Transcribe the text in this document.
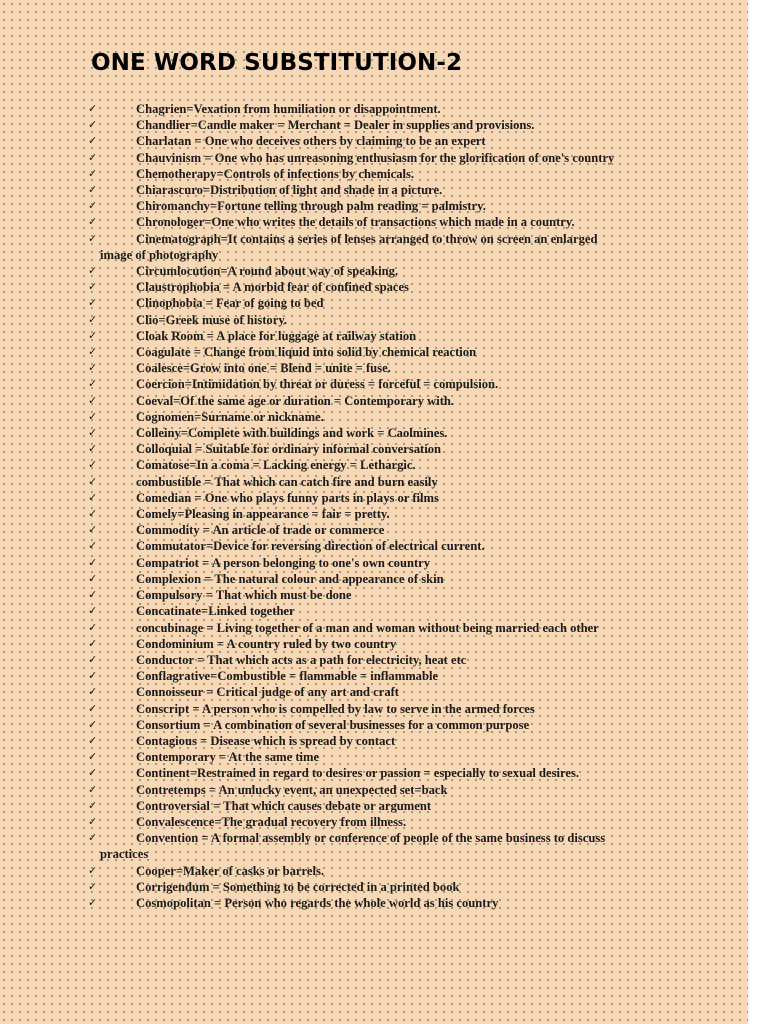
ONE WORD SUBSTITUTION-2
✓	Chagrien=Vexation from humiliation or disappointment.
✓	Chandlier=Candle maker = Merchant = Dealer in supplies and provisions.
✓	Charlatan = One who deceives others by claiming to be an expert
✓	Chauvinism = One who has unreasoning enthusiasm for the glorification of one's country
✓	Chemotherapy=Controls of infections by chemicals.
✓	Chiarascuro=Distribution of light and shade in a picture.
✓	Chiromanchy=Fortune telling through palm reading = palmistry.
✓	Chronologer=One who writes the details of transactions which made in a country.
✓	Cinematograph=It contains a series of lenses arranged to throw on screen an enlarged
image of photography
✓	Circumlocution=A round about way of speaking.
✓	Claustrophobia = A morbid fear of confined spaces
✓	Clinophobia = Fear of going to bed
✓	Clio=Greek muse of history.
✓	Cloak Room = A place for luggage at railway station
✓	Coagulate = Change from liquid into solid by chemical reaction
✓	Coalesce=Grow into one = Blend = unite = fuse.
✓	Coercion=Intimidation by threat or duress = forceful = compulsion.
✓	Coeval=Of the same age or duration = Contemporary with.
✓	Cognomen=Surname or nickname.
✓	Colleiny=Complete with buildings and work = Caolmines.
✓	Colloquial = Suitable for ordinary informal conversation
✓	Comatose=In a coma = Lacking energy = Lethargic.
✓	combustible = That which can catch fire and burn easily
✓	Comedian = One who plays funny parts in plays or films
✓	Comely=Pleasing in appearance = fair = pretty.
✓	Commodity = An article of trade or commerce
✓	Commutator=Device for reversing direction of electrical current.
✓	Compatriot = A person belonging to one's own country
✓	Complexion = The natural colour and appearance of skin
✓	Compulsory = That which must be done
✓	Concatinate=Linked together
✓	concubinage = Living together of a man and woman without being married each other
✓	Condominium = A country ruled by two country
✓	Conductor = That which acts as a path for electricity, heat etc
✓	Conflagrative=Combustible = flammable = inflammable
✓	Connoisseur = Critical judge of any art and craft
✓	Conscript = A person who is compelled by law to serve in the armed forces
✓	Consortium = A combination of several businesses for a common purpose
✓	Contagious = Disease which is spread by contact
✓	Contemporary = At the same time
✓	Continent=Restrained in regard to desires or passion = especially to sexual desires.
✓	Contretemps = An unlucky event, an unexpected set=back
✓	Controversial = That which causes debate or argument
✓	Convalescence=The gradual recovery from illness.
✓	Convention = A formal assembly or conference of people of the same business to discuss
practices
✓	Cooper=Maker of casks or barrels.
✓	Corrigendum = Something to be corrected in a printed book
✓	Cosmopolitan = Person who regards the whole world as his country
